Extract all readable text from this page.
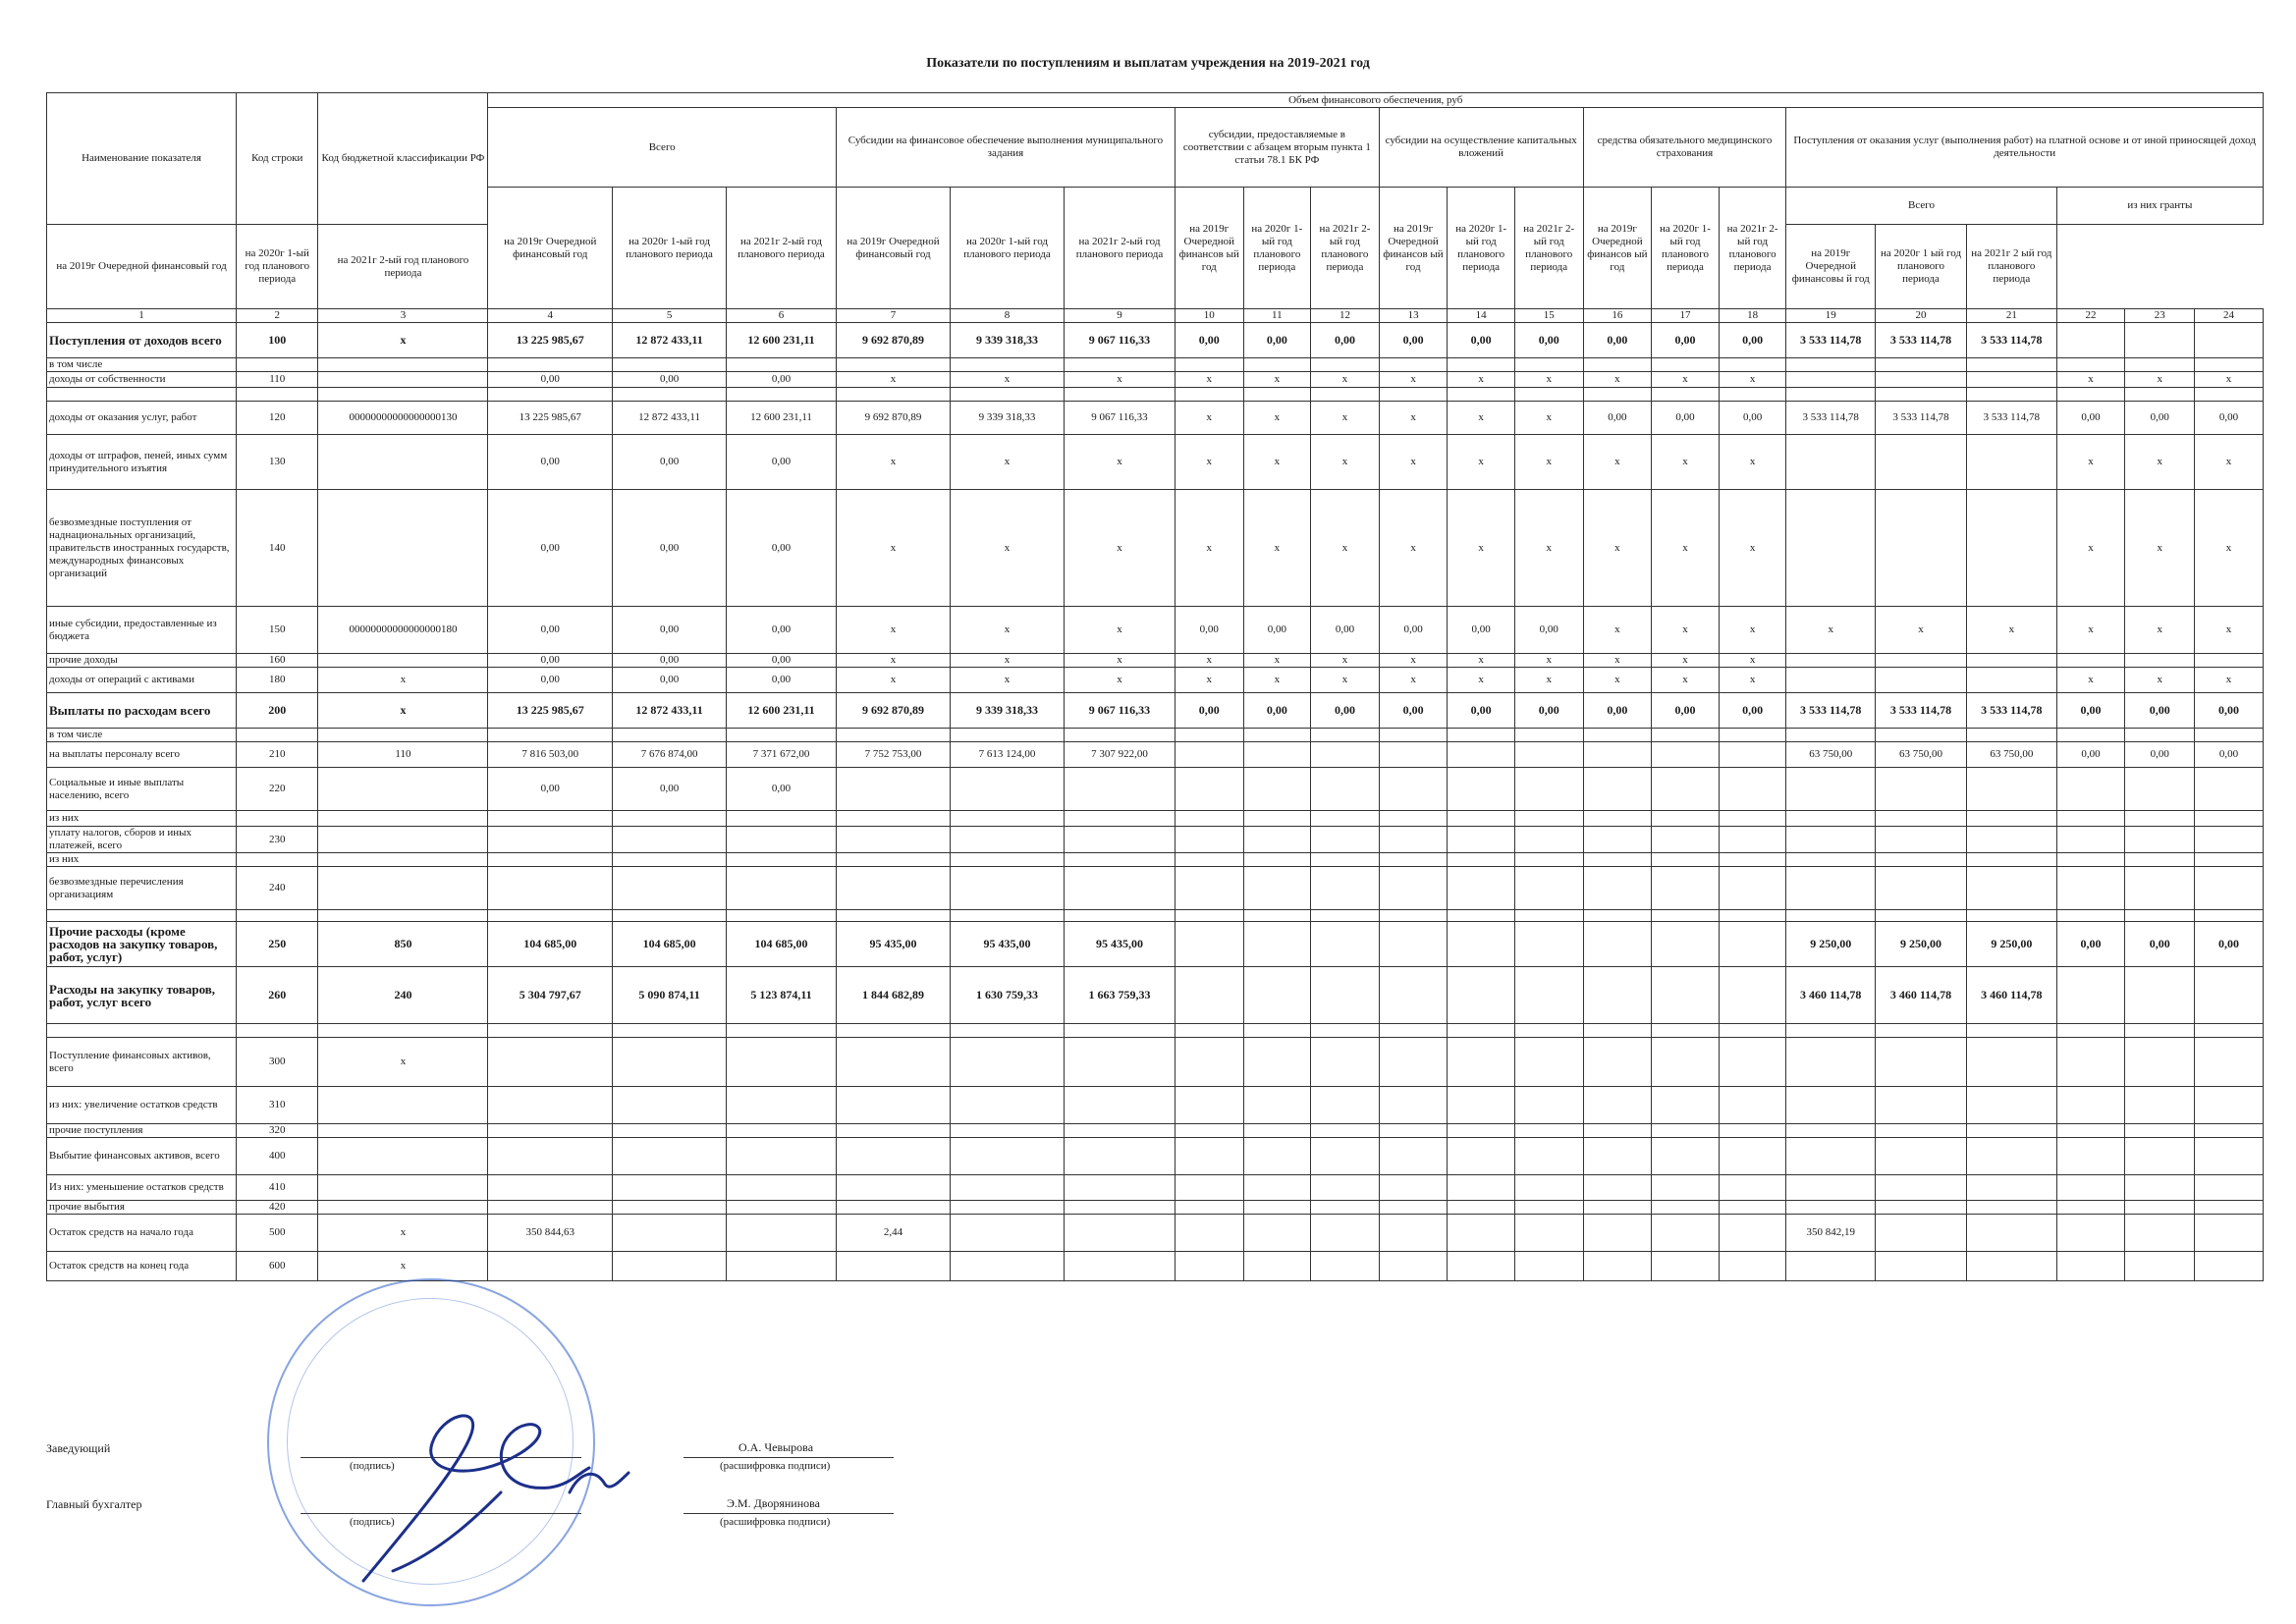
Показатели по поступлениям и выплатам учреждения на 2019-2021 год
Наименование показателя	Код строки	Код бюджетной классификации РФ	Объем финансового обеспечения, руб																				
			Всего			Субсидии на финансовое обеспечение выполнения муниципального задания			субсидии, предоставляемые в соответствии с абзацем вторым пункта 1 статьи 78.1 БК РФ			субсидии на осуществление капитальных вложений			средства обязательного медицинского страхования			Поступления от оказания услуг (выполнения работ) на платной основе и от иной приносящей доход деятельности					
			на 2019г Очередной финансовый год	на 2020г 1-ый год планового периода	на 2021г 2-ый год планового периода	на 2019г Очередной финансовый год	на 2020г 1-ый год планового периода	на 2021г 2-ый год планового периода	на 2019г Очередной финансов ый год	на 2020г 1-ый год планового периода	на 2021г 2-ый год планового периода	на 2019г Очередной финансов ый год	на 2020г 1-ый год планового периода	на 2021г 2-ый год планового периода	на 2019г Очередной финансов ый год	на 2020г 1-ый год планового периода	на 2021г 2-ый год планового периода	Всего			из них гранты		
на 2019г Очередной финансовый год	на 2020г 1-ый год планового периода	на 2021г 2-ый год планового периода																на 2019г Очередной финансовы й год	на 2020г 1 ый год планового периода	на 2021г 2 ый год планового периода			
1	2	3	4	5	6	7	8	9	10	11	12	13	14	15	16	17	18	19	20	21	22	23	24
Поступления от доходов всего	100	х	13 225 985,67	12 872 433,11	12 600 231,11	9 692 870,89	9 339 318,33	9 067 116,33	0,00	0,00	0,00	0,00	0,00	0,00	0,00	0,00	0,00	3 533 114,78	3 533 114,78	3 533 114,78			
в том числе																							
доходы от собственности	110		0,00	0,00	0,00	х	х	х	х	х	х	х	х	х	х	х	х				х	х	х

доходы от оказания услуг, работ	120	00000000000000000130	13 225 985,67	12 872 433,11	12 600 231,11	9 692 870,89	9 339 318,33	9 067 116,33	х	х	х	х	х	х	0,00	0,00	0,00	3 533 114,78	3 533 114,78	3 533 114,78	0,00	0,00	0,00
доходы от штрафов, пеней, иных сумм принудительного изъятия	130		0,00	0,00	0,00	х	х	х	х	х	х	х	х	х	х	х	х				х	х	х
безвозмездные поступления от наднациональных организаций, правительств иностранных государств, международных финансовых организаций	140		0,00	0,00	0,00	х	х	х	х	х	х	х	х	х	х	х	х				х	х	х
иные субсидии, предоставленные из бюджета	150	00000000000000000180	0,00	0,00	0,00	х	х	х	0,00	0,00	0,00	0,00	0,00	0,00	х	х	х	х	х	х	х	х	х
прочие доходы	160		0,00	0,00	0,00	х	х	х	х	х	х	х	х	х	х	х	х						
доходы от операций с активами	180	х	0,00	0,00	0,00	х	х	х	х	х	х	х	х	х	х	х	х				х	х	х
Выплаты по расходам всего	200	х	13 225 985,67	12 872 433,11	12 600 231,11	9 692 870,89	9 339 318,33	9 067 116,33	0,00	0,00	0,00	0,00	0,00	0,00	0,00	0,00	0,00	3 533 114,78	3 533 114,78	3 533 114,78	0,00	0,00	0,00
в том числе																							
на выплаты персоналу всего	210	110	7 816 503,00	7 676 874,00	7 371 672,00	7 752 753,00	7 613 124,00	7 307 922,00										63 750,00	63 750,00	63 750,00	0,00	0,00	0,00
Социальные и иные выплаты населению, всего	220		0,00	0,00	0,00																		
из них																							
уплату налогов, сборов и иных платежей, всего	230																						
из них																							
безвозмездные перечисления организациям	240																						

Прочие расходы (кроме расходов на закупку товаров, работ, услуг)	250	850	104 685,00	104 685,00	104 685,00	95 435,00	95 435,00	95 435,00										9 250,00	9 250,00	9 250,00	0,00	0,00	0,00
Расходы на закупку товаров, работ, услуг всего	260	240	5 304 797,67	5 090 874,11	5 123 874,11	1 844 682,89	1 630 759,33	1 663 759,33										3 460 114,78	3 460 114,78	3 460 114,78			

Поступление финансовых активов, всего	300	х																					
из них: увеличение остатков средств	310																						
прочие поступления	320																						
Выбытие финансовых активов, всего	400																						
Из них: уменьшение остатков средств	410																						
прочие выбытия	420																						
Остаток средств на начало года	500	х	350 844,63			2,44												350 842,19					
Остаток средств на конец года	600	х																					
Заведующий
(подпись)
О.А. Чевырова
(расшифровка подписи)
Главный бухгалтер
(подпись)
Э.М. Дворянинова
(расшифровка подписи)
